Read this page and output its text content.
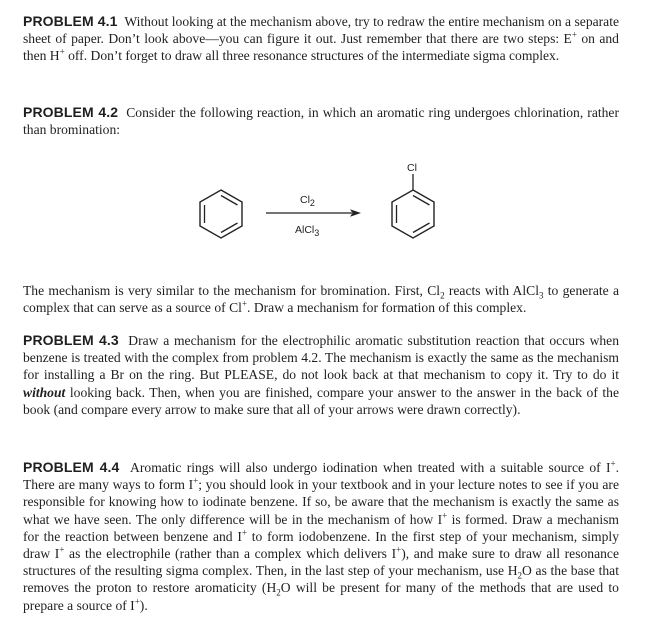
PROBLEM 4.1 Without looking at the mechanism above, try to redraw the entire mechanism on a separate sheet of paper. Don’t look above—you can figure it out. Just remember that there are two steps: E+ on and then H+ off. Don’t forget to draw all three resonance structures of the intermediate sigma complex.

PROBLEM 4.2 Consider the following reaction, in which an aromatic ring undergoes chlorination, rather than bromination:

$Cl_2$
AlCl$_3$
Cl

The mechanism is very similar to the mechanism for bromination. First, $Cl_2$ reacts with AlCl$_3$ to generate a complex that can serve as a source of Cl+. Draw a mechanism for formation of this complex.

PROBLEM 4.3 Draw a mechanism for the electrophilic aromatic substitution reaction that occurs when benzene is treated with the complex from problem 4.2. The mechanism is exactly the same as the mechanism for installing a Br on the ring. But PLEASE, do not look back at that mechanism to copy it. Try to do it without looking back. Then, when you are finished, compare your answer to the answer in the back of the book (and compare every arrow to make sure that all of your arrows were drawn correctly).

PROBLEM 4.4 Aromatic rings will also undergo iodination when treated with a suitable source of I+. There are many ways to form I+; you should look in your textbook and in your lecture notes to see if you are responsible for knowing how to iodinate benzene. If so, be aware that the mechanism is exactly the same as what we have seen. The only difference will be in the mechanism of how I+ is formed. Draw a mechanism for the reaction between benzene and I+ to form iodobenzene. In the first step of your mechanism, simply draw I+ as the electrophile (rather than a complex which delivers I+), and make sure to draw all resonance structures of the resulting sigma complex. Then, in the last step of your mechanism, use $H_2O$ as the base that removes the proton to restore aromaticity ($H_2O$ will be present for many of the methods that are used to prepare a source of I+).
